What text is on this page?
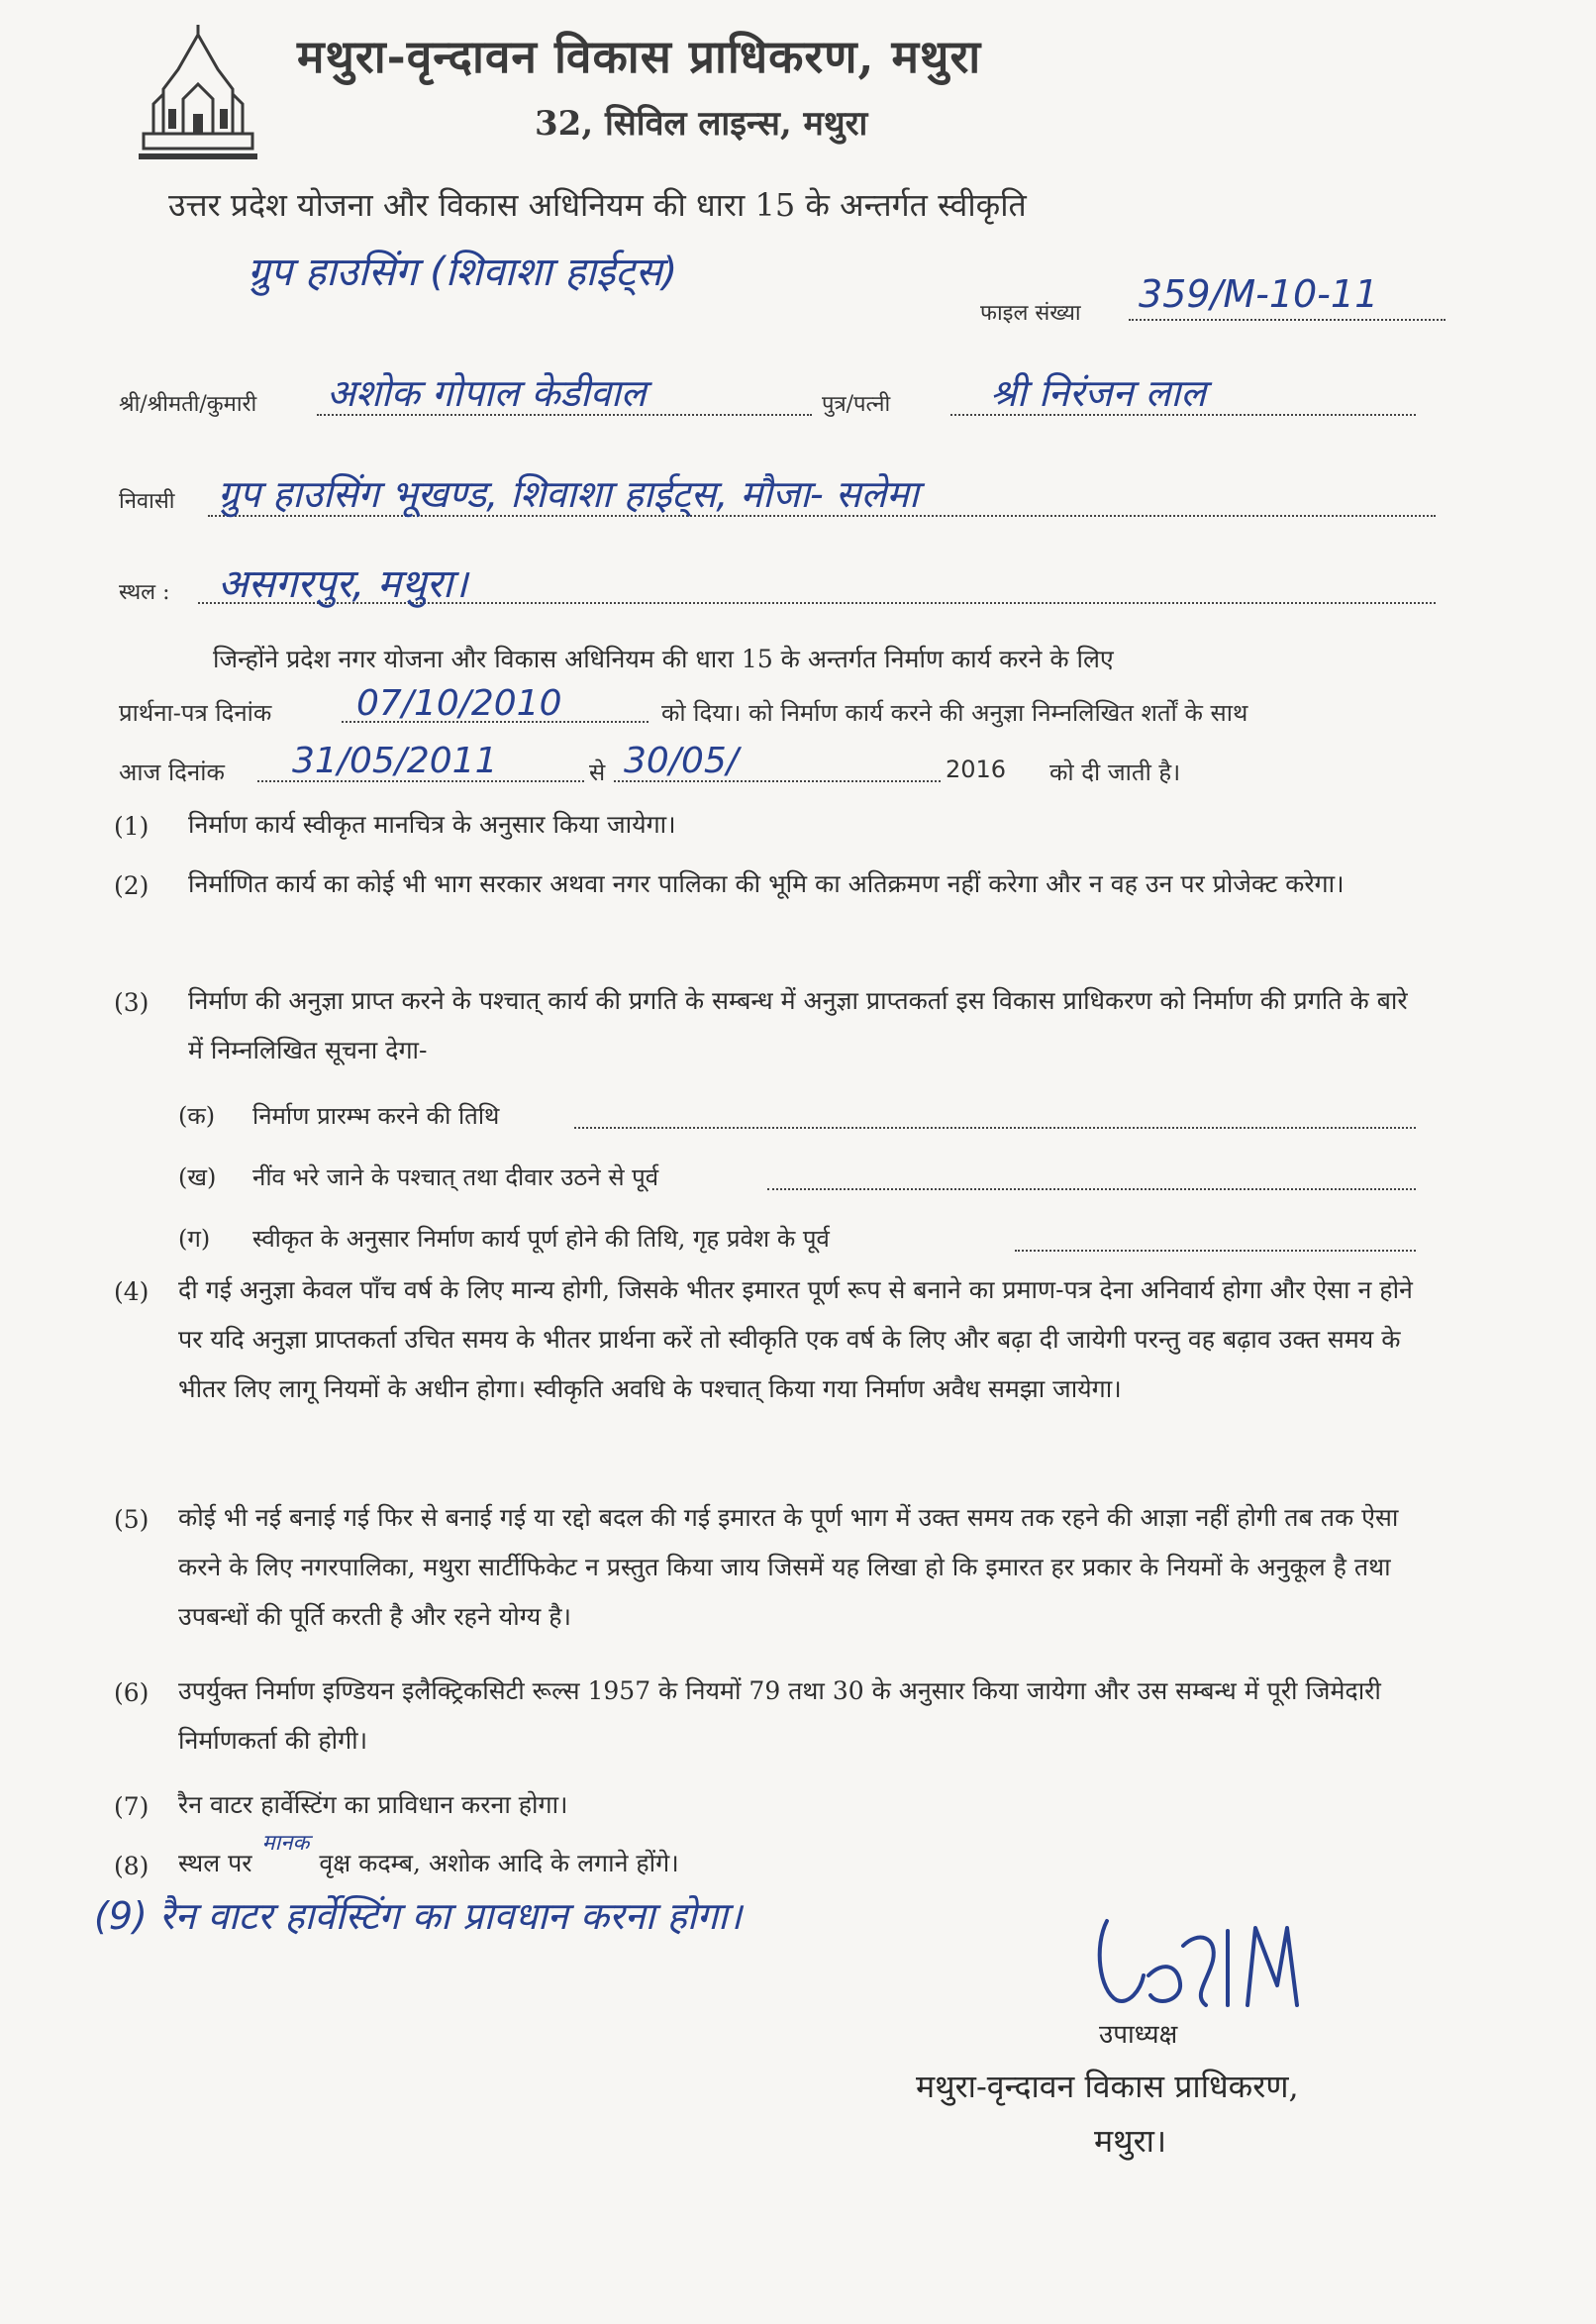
मथुरा-वृन्दावन विकास प्राधिकरण, मथुरा
32, सिविल लाइन्स, मथुरा
उत्तर प्रदेश योजना और विकास अधिनियम की धारा 15 के अन्तर्गत स्वीकृति
ग्रुप हाउसिंग (शिवाशा हाईट्स)
फाइल संख्या 359/M-10-11
श्री/श्रीमती/कुमारी अशोक गोपाल केडीवाल	पुत्र/पत्नी	श्री निरंजन लाल
निवासी ग्रुप हाउसिंग भूखण्ड, शिवाशा हाईट्स, मौजा- सलेमा
स्थल : असगरपुर, मथुरा।
जिन्होंने प्रदेश नगर योजना और विकास अधिनियम की धारा 15 के अन्तर्गत निर्माण कार्य करने के लिए
प्रार्थना-पत्र दिनांक 07/10/2010	को दिया। को निर्माण कार्य करने की अनुज्ञा निम्नलिखित शर्तों के साथ
आज दिनांक 31/05/2011	से 30/05/	2016 को दी जाती है।
(1) निर्माण कार्य स्वीकृत मानचित्र के अनुसार किया जायेगा।
(2) निर्माणित कार्य का कोई भी भाग सरकार अथवा नगर पालिका की भूमि का अतिक्रमण नहीं करेगा और न वह उन पर प्रोजेक्ट करेगा।
(3) निर्माण की अनुज्ञा प्राप्त करने के पश्चात् कार्य की प्रगति के सम्बन्ध में अनुज्ञा प्राप्तकर्ता इस विकास प्राधिकरण को निर्माण की प्रगति के बारे में निम्नलिखित सूचना देगा-
(क) निर्माण प्रारम्भ करने की तिथि
(ख) नींव भरे जाने के पश्चात् तथा दीवार उठने से पूर्व
(ग) स्वीकृत के अनुसार निर्माण कार्य पूर्ण होने की तिथि, गृह प्रवेश के पूर्व
(4) दी गई अनुज्ञा केवल पाँच वर्ष के लिए मान्य होगी, जिसके भीतर इमारत पूर्ण रूप से बनाने का प्रमाण-पत्र देना अनिवार्य होगा और ऐसा न होने पर यदि अनुज्ञा प्राप्तकर्ता उचित समय के भीतर प्रार्थना करें तो स्वीकृति एक वर्ष के लिए और बढ़ा दी जायेगी परन्तु वह बढ़ाव उक्त समय के भीतर लिए लागू नियमों के अधीन होगा। स्वीकृति अवधि के पश्चात् किया गया निर्माण अवैध समझा जायेगा।
(5) कोई भी नई बनाई गई फिर से बनाई गई या रद्दो बदल की गई इमारत के पूर्ण भाग में उक्त समय तक रहने की आज्ञा नहीं होगी तब तक ऐसा करने के लिए नगरपालिका, मथुरा सार्टीफिकेट न प्रस्तुत किया जाय जिसमें यह लिखा हो कि इमारत हर प्रकार के नियमों के अनुकूल है तथा उपबन्धों की पूर्ति करती है और रहने योग्य है।
(6) उपर्युक्त निर्माण इण्डियन इलैक्ट्रिकसिटी रूल्स 1957 के नियमों 79 तथा 30 के अनुसार किया जायेगा और उस सम्बन्ध में पूरी जिमेदारी निर्माणकर्ता की होगी।
(7) रैन वाटर हार्वेस्टिंग का प्राविधान करना होगा।
(8) स्थल पर मानक वृक्ष कदम्ब, अशोक आदि के लगाने होंगे।
(9) रैन वाटर हार्वेस्टिंग का प्रावधान करना होगा।
उपाध्यक्ष
मथुरा-वृन्दावन विकास प्राधिकरण,
मथुरा।
